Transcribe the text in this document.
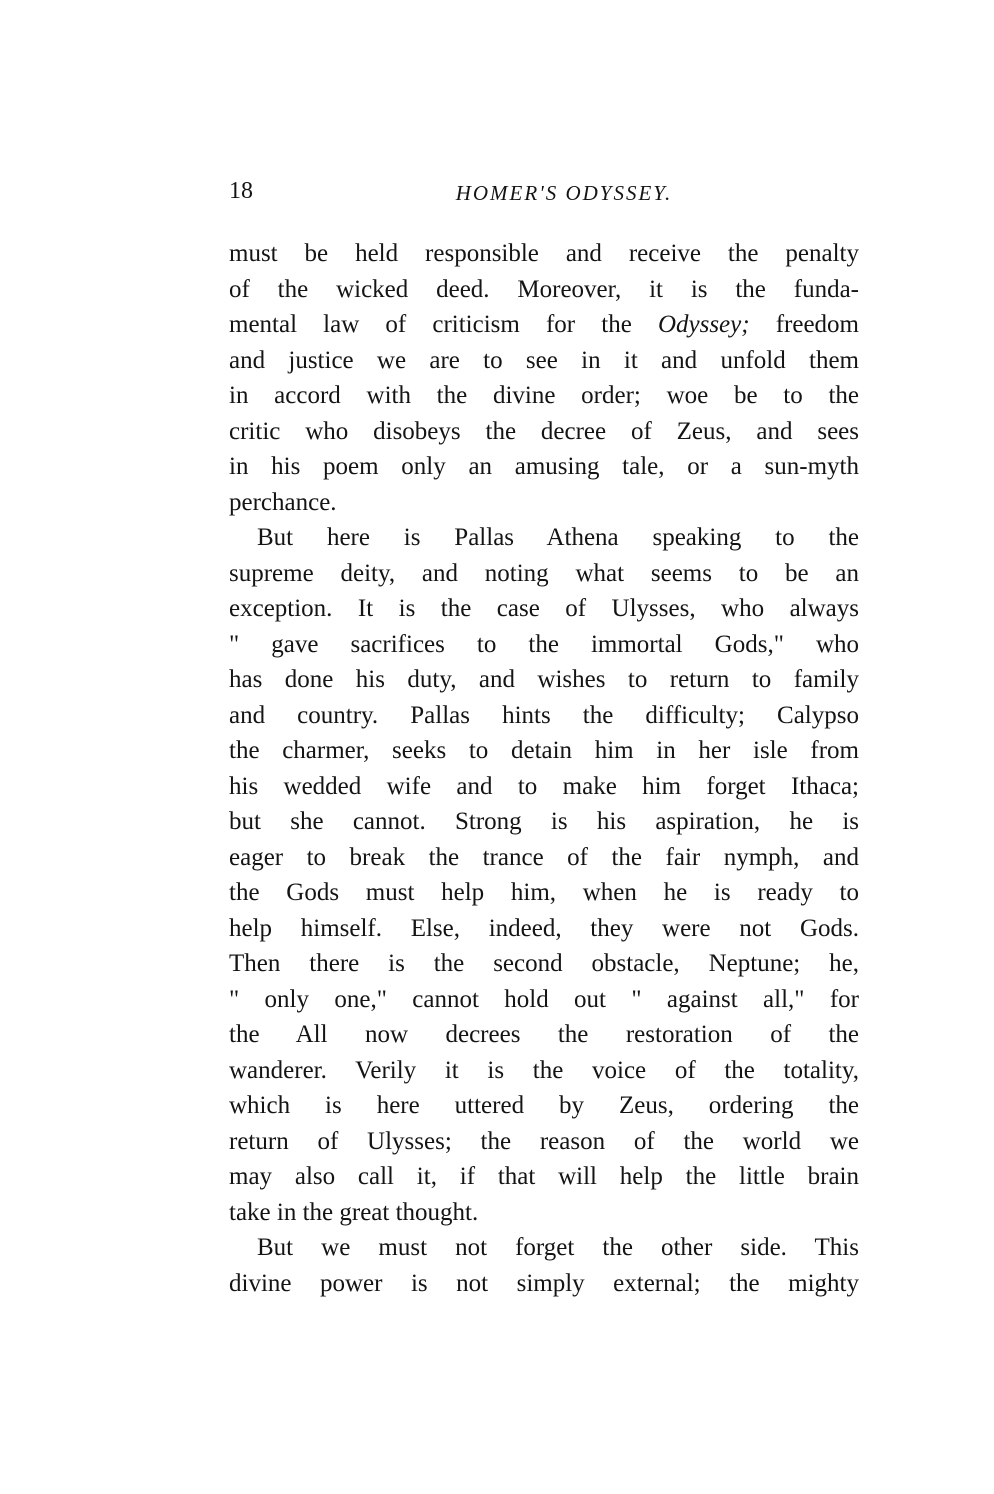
18	HOMER'S ODYSSEY.
must be held responsible and receive the penalty
of the wicked deed. Moreover, it is the funda-
mental law of criticism for the Odyssey; freedom
and justice we are to see in it and unfold them
in accord with the divine order; woe be to the
critic who disobeys the decree of Zeus, and sees
in his poem only an amusing tale, or a sun-myth
perchance.
But here is Pallas Athena speaking to the
supreme deity, and noting what seems to be an
exception. It is the case of Ulysses, who always
" gave sacrifices to the immortal Gods," who
has done his duty, and wishes to return to family
and country. Pallas hints the difficulty; Calypso
the charmer, seeks to detain him in her isle from
his wedded wife and to make him forget Ithaca;
but she cannot. Strong is his aspiration, he is
eager to break the trance of the fair nymph, and
the Gods must help him, when he is ready to
help himself. Else, indeed, they were not Gods.
Then there is the second obstacle, Neptune; he,
" only one," cannot hold out " against all," for
the All now decrees the restoration of the
wanderer. Verily it is the voice of the totality,
which is here uttered by Zeus, ordering the
return of Ulysses; the reason of the world we
may also call it, if that will help the little brain
take in the great thought.
But we must not forget the other side. This
divine power is not simply external; the mighty
